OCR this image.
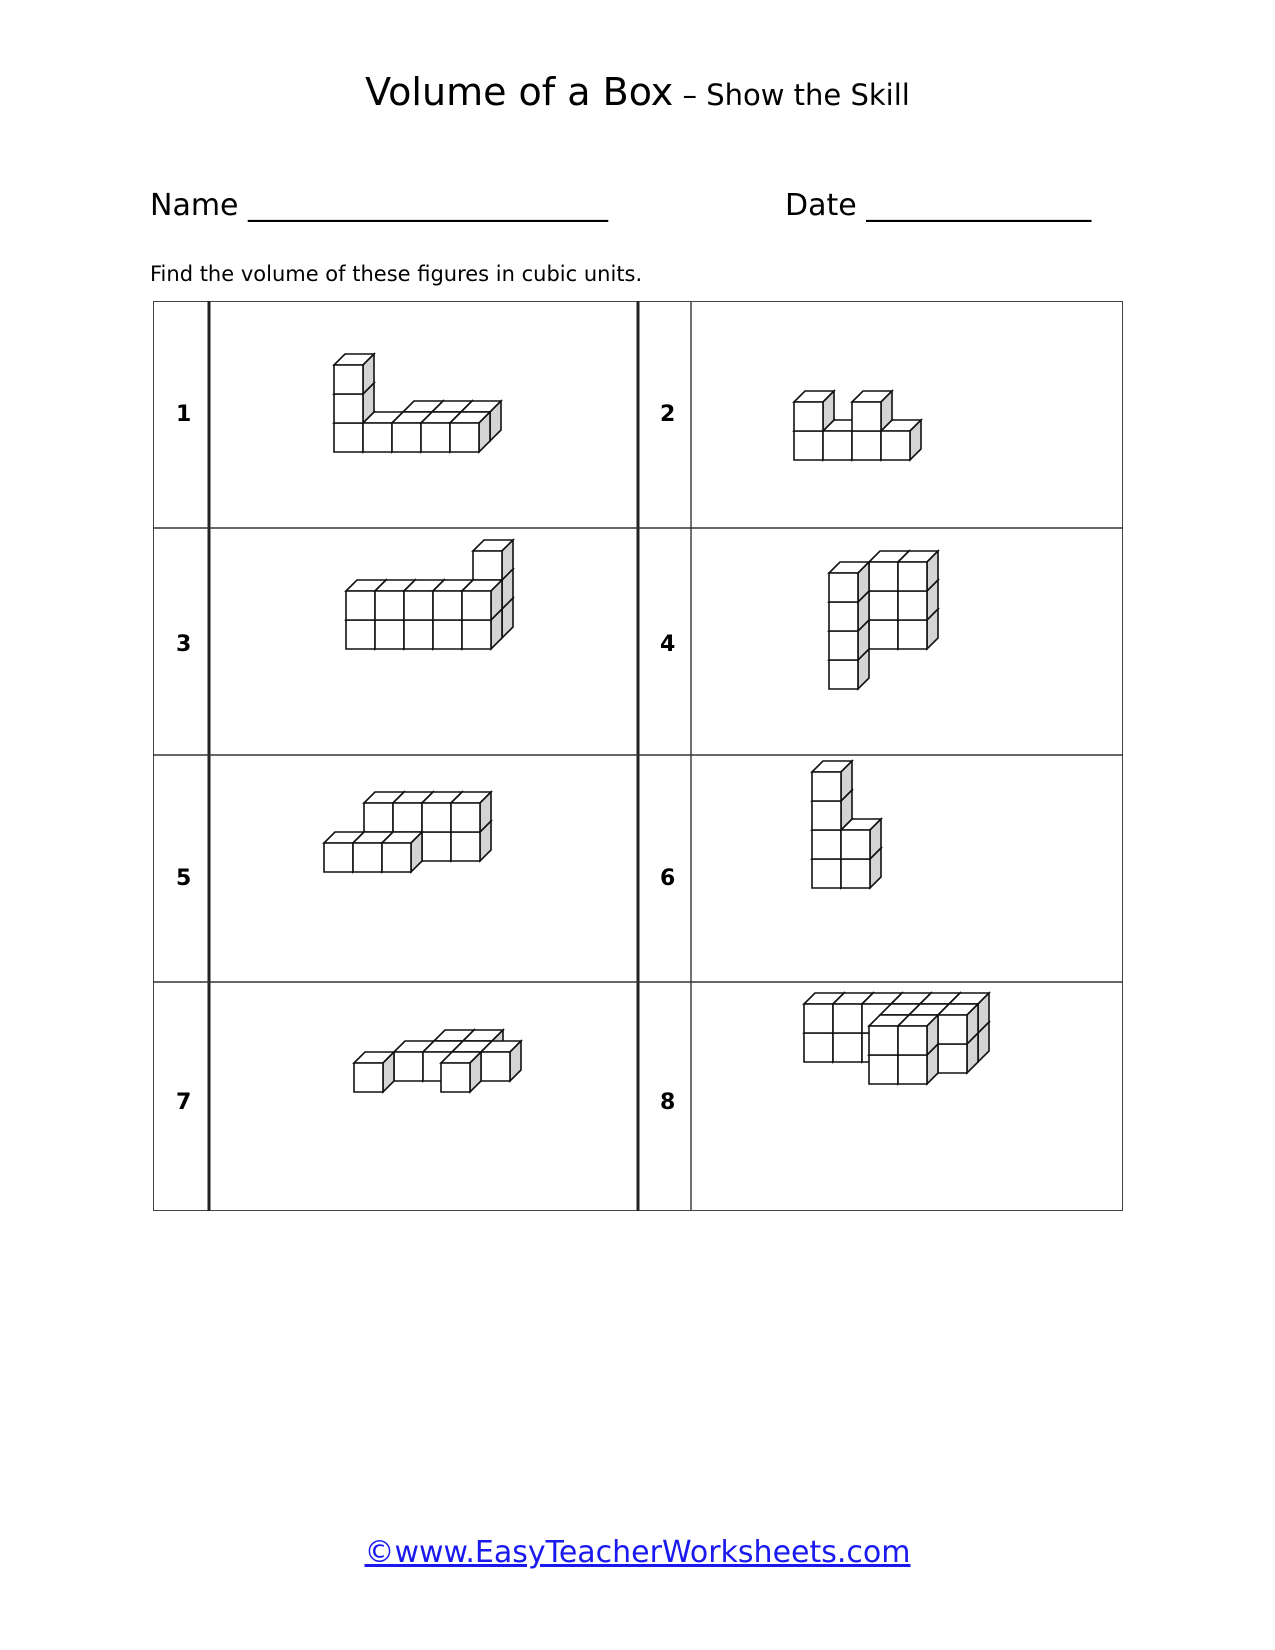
Volume of a Box – Show the Skill
Name ________________________	Date _______________
Find the volume of these figures in cubic units.
1	2
3	4
5	6
7	8
©www.EasyTeacherWorksheets.com
